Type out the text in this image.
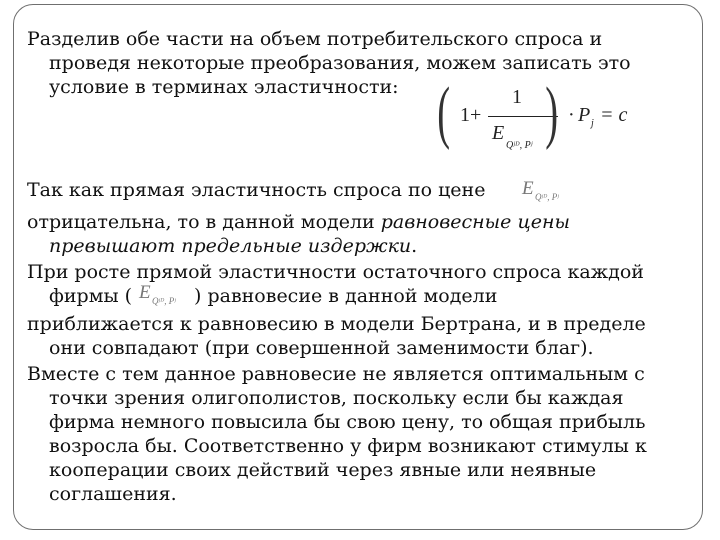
Разделив обе части на объем потребительского спроса и
проведя некоторые преобразования, можем записать это
условие в терминах эластичности: ( 1+
1
E
Qʲᴰ, Pʲ ) · P j = c
Так как прямая эластичность спроса по цене E Qʲᴰ, Pʲ
отрицательна, то в данной модели равновесные цены
превышают предельные издержки.
При росте прямой эластичности остаточного спроса каждой
фирмы ( E Qʲᴰ, Pʲ ) равновесие в данной модели
приближается к равновесию в модели Бертрана, и в пределе
они совпадают (при совершенной заменимости благ).
Вместе с тем данное равновесие не является оптимальным с
точки зрения олигополистов, поскольку если бы каждая
фирма немного повысила бы свою цену, то общая прибыль
возросла бы. Соответственно у фирм возникают стимулы к
кооперации своих действий через явные или неявные
соглашения.
